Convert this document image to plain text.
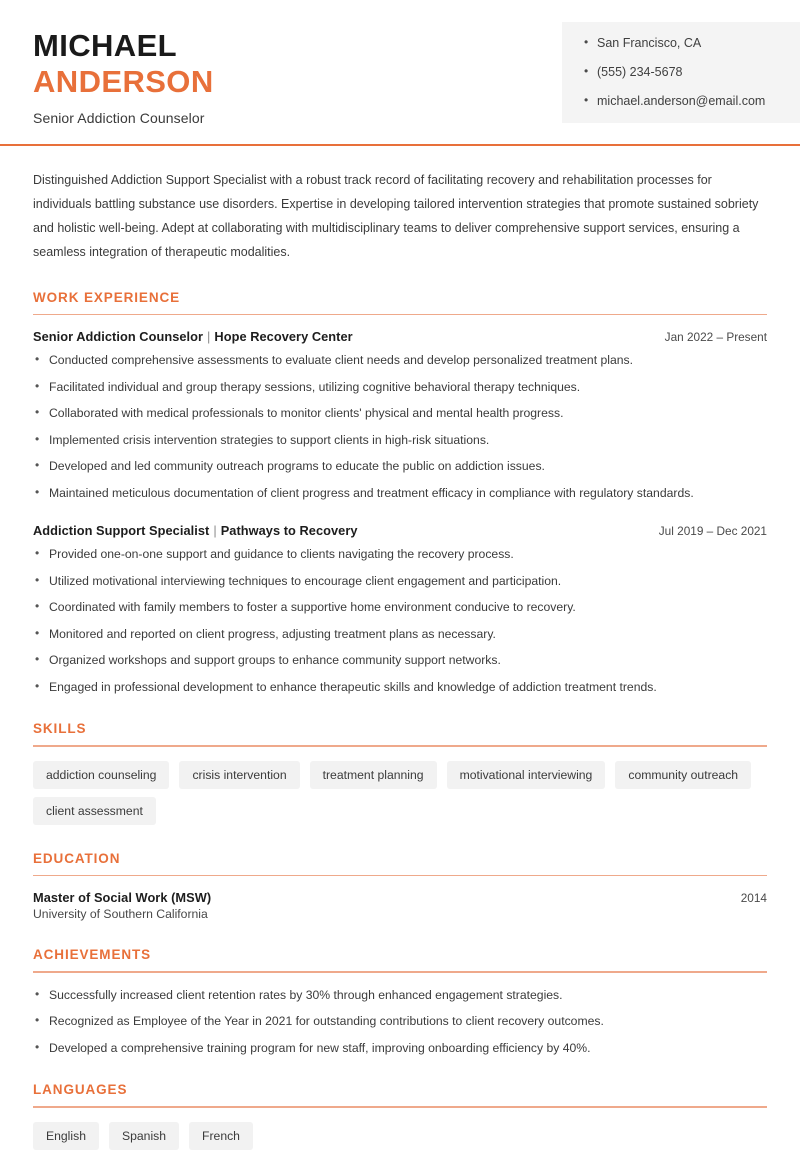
MICHAEL
ANDERSON
Senior Addiction Counselor
• San Francisco, CA
• (555) 234-5678
• michael.anderson@email.com

Distinguished Addiction Support Specialist with a robust track record of facilitating recovery and rehabilitation processes for individuals battling substance use disorders. Expertise in developing tailored intervention strategies that promote sustained sobriety and holistic well-being. Adept at collaborating with multidisciplinary teams to deliver comprehensive support services, ensuring a seamless integration of therapeutic modalities.

WORK EXPERIENCE
Senior Addiction Counselor | Hope Recovery Center	Jan 2022 – Present
• Conducted comprehensive assessments to evaluate client needs and develop personalized treatment plans.
• Facilitated individual and group therapy sessions, utilizing cognitive behavioral therapy techniques.
• Collaborated with medical professionals to monitor clients' physical and mental health progress.
• Implemented crisis intervention strategies to support clients in high-risk situations.
• Developed and led community outreach programs to educate the public on addiction issues.
• Maintained meticulous documentation of client progress and treatment efficacy in compliance with regulatory standards.
Addiction Support Specialist | Pathways to Recovery	Jul 2019 – Dec 2021
• Provided one-on-one support and guidance to clients navigating the recovery process.
• Utilized motivational interviewing techniques to encourage client engagement and participation.
• Coordinated with family members to foster a supportive home environment conducive to recovery.
• Monitored and reported on client progress, adjusting treatment plans as necessary.
• Organized workshops and support groups to enhance community support networks.
• Engaged in professional development to enhance therapeutic skills and knowledge of addiction treatment trends.
SKILLS
addiction counseling	crisis intervention	treatment planning	motivational interviewing	community outreach
client assessment
EDUCATION
Master of Social Work (MSW)	2014
University of Southern California
ACHIEVEMENTS
• Successfully increased client retention rates by 30% through enhanced engagement strategies.
• Recognized as Employee of the Year in 2021 for outstanding contributions to client recovery outcomes.
• Developed a comprehensive training program for new staff, improving onboarding efficiency by 40%.
LANGUAGES
English	Spanish	French
